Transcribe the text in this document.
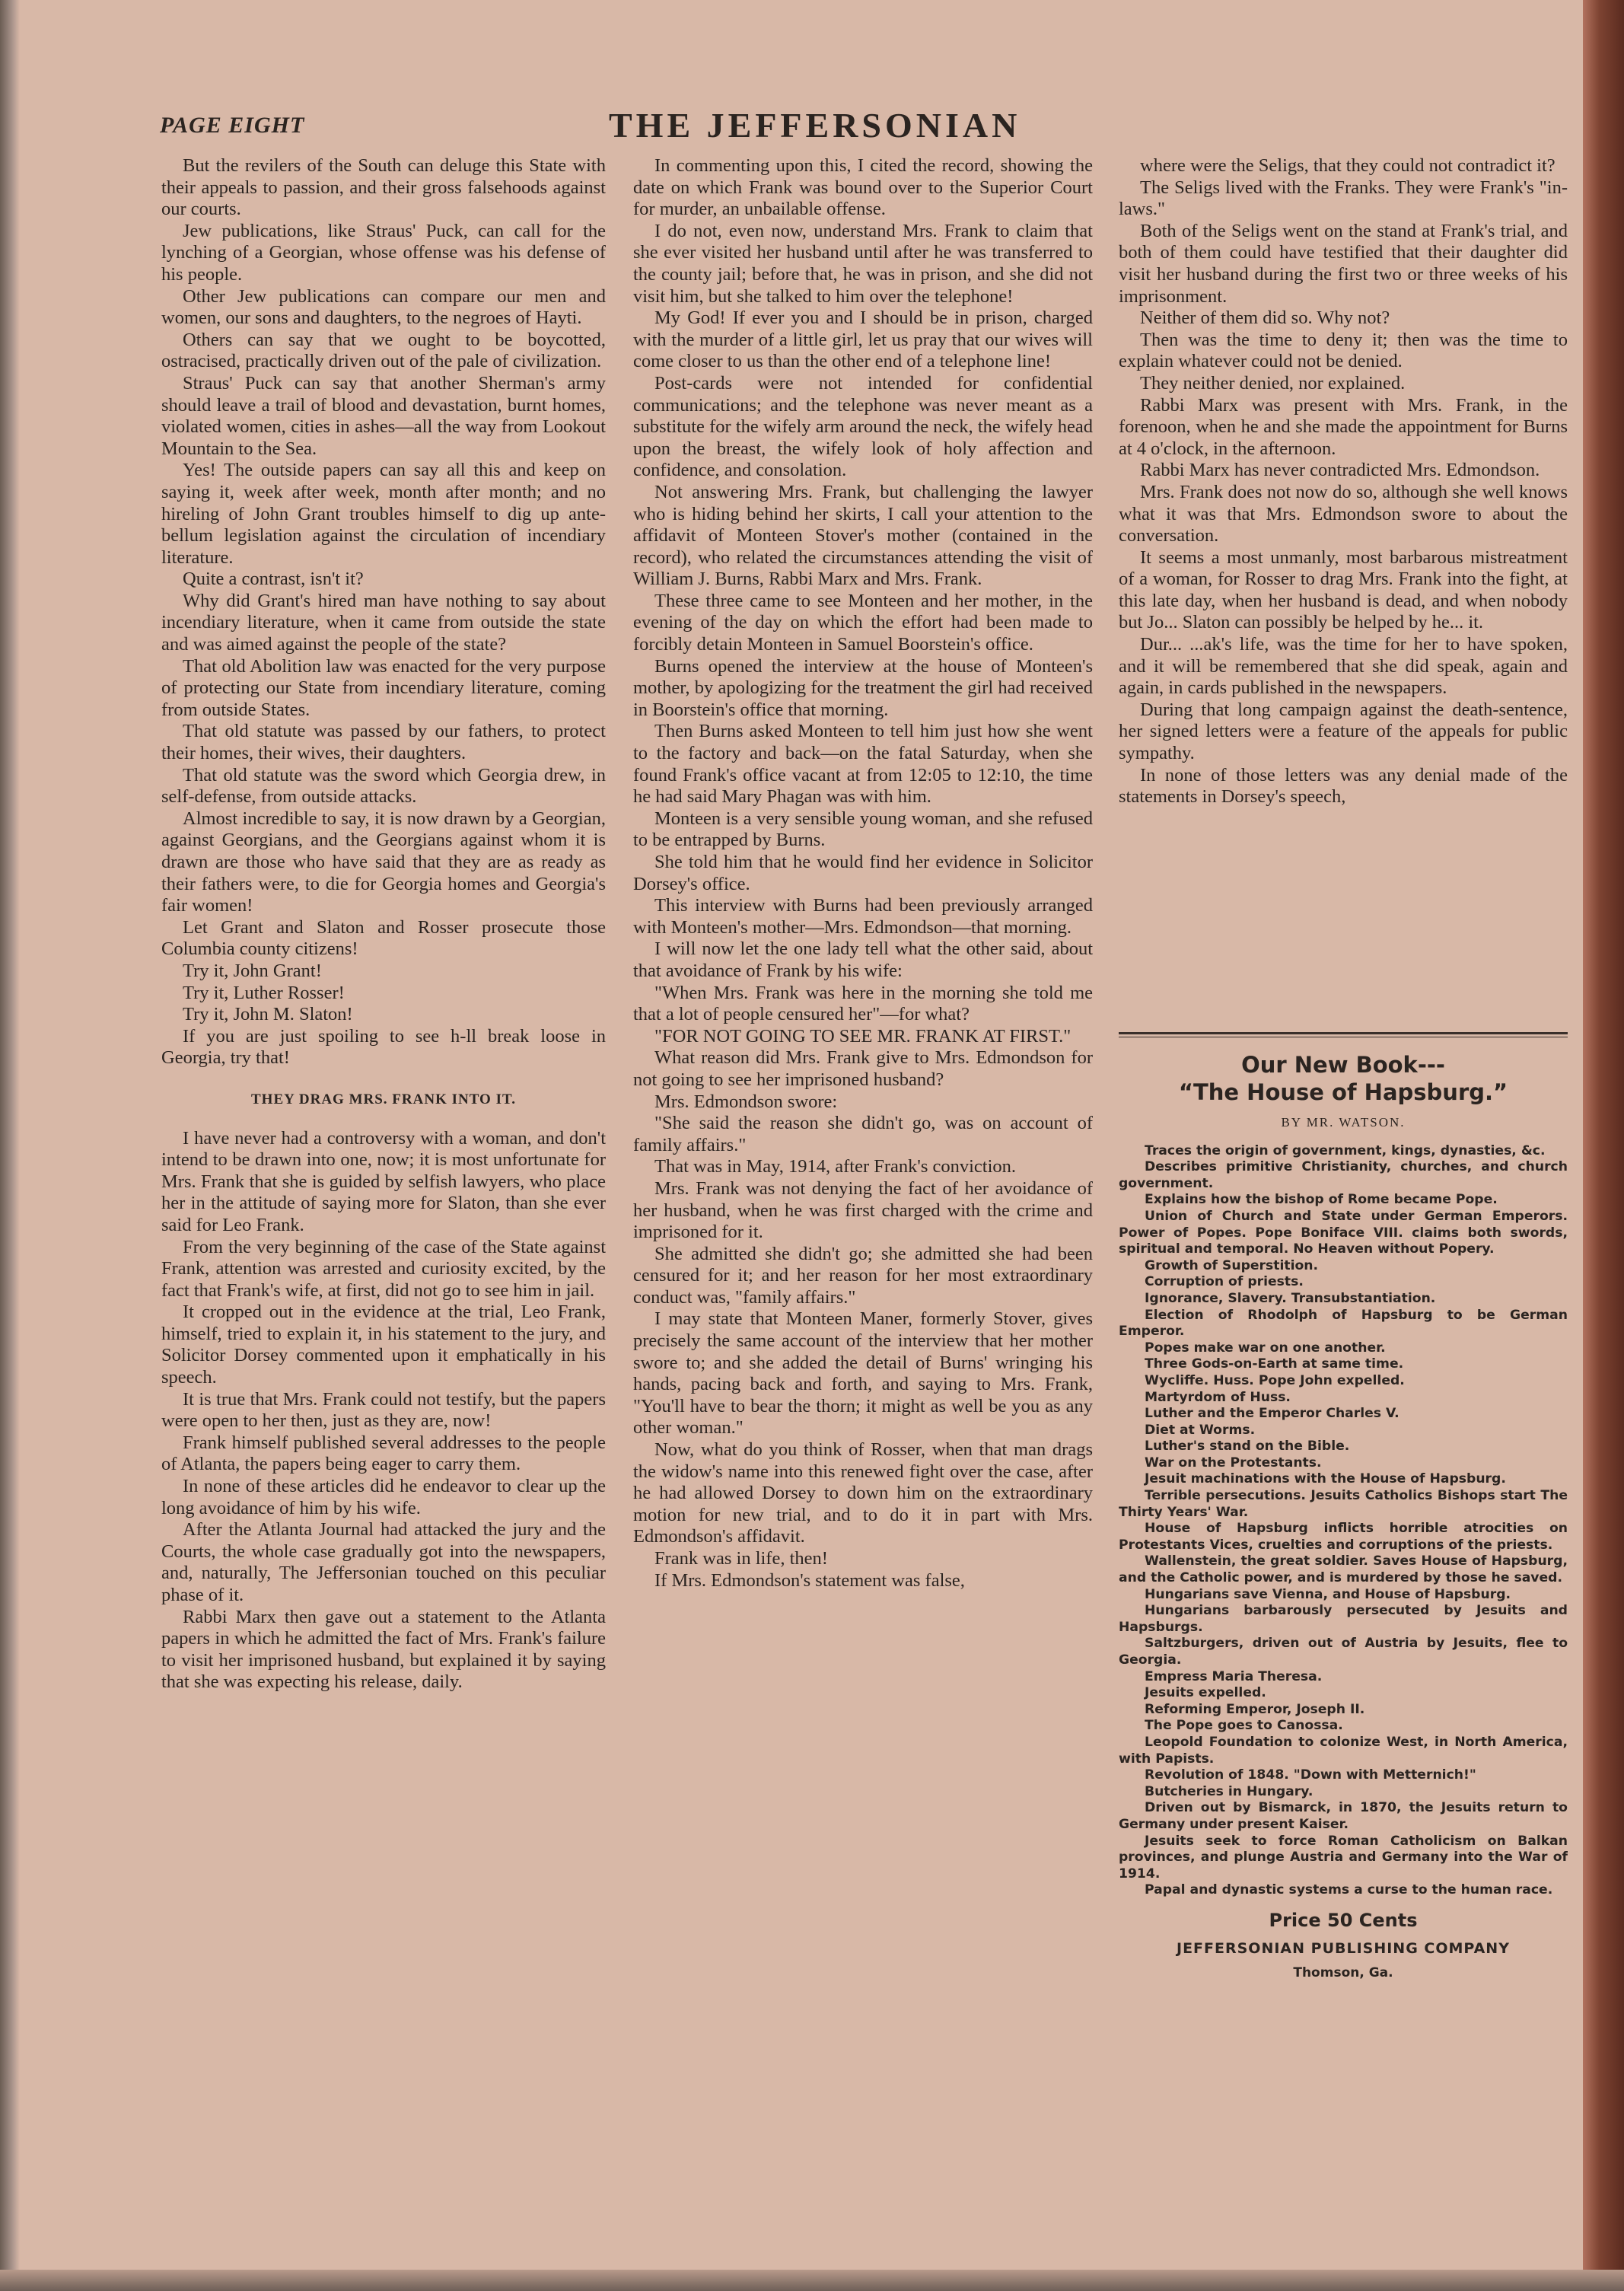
PAGE EIGHT	THE JEFFERSONIAN

But the revilers of the South can deluge this State with their appeals to passion, and their gross falsehoods against our courts.

Jew publications, like Straus' Puck, can call for the lynching of a Georgian, whose offense was his defense of his people.

Other Jew publications can compare our men and women, our sons and daughters, to the negroes of Hayti.

Others can say that we ought to be boycotted, ostracised, practically driven out of the pale of civilization.

Straus' Puck can say that another Sherman's army should leave a trail of blood and devastation, burnt homes, violated women, cities in ashes—all the way from Lookout Mountain to the Sea.

Yes! The outside papers can say all this and keep on saying it, week after week, month after month; and no hireling of John Grant troubles himself to dig up ante-bellum legislation against the circulation of incendiary literature.

Quite a contrast, isn't it?

Why did Grant's hired man have nothing to say about incendiary literature, when it came from outside the state and was aimed against the people of the state?

That old Abolition law was enacted for the very purpose of protecting our State from incendiary literature, coming from outside States.

That old statute was passed by our fathers, to protect their homes, their wives, their daughters.

That old statute was the sword which Georgia drew, in self-defense, from outside attacks.

Almost incredible to say, it is now drawn by a Georgian, against Georgians, and the Georgians against whom it is drawn are those who have said that they are as ready as their fathers were, to die for Georgia homes and Georgia's fair women!

Let Grant and Slaton and Rosser prosecute those Columbia county citizens!

Try it, John Grant!

Try it, Luther Rosser!

Try it, John M. Slaton!

If you are just spoiling to see h-ll break loose in Georgia, try that!

THEY DRAG MRS. FRANK INTO IT.

I have never had a controversy with a woman, and don't intend to be drawn into one, now; it is most unfortunate for Mrs. Frank that she is guided by selfish lawyers, who place her in the attitude of saying more for Slaton, than she ever said for Leo Frank.

From the very beginning of the case of the State against Frank, attention was arrested and curiosity excited, by the fact that Frank's wife, at first, did not go to see him in jail.

It cropped out in the evidence at the trial, Leo Frank, himself, tried to explain it, in his statement to the jury, and Solicitor Dorsey commented upon it emphatically in his speech.

It is true that Mrs. Frank could not testify, but the papers were open to her then, just as they are, now!

Frank himself published several addresses to the people of Atlanta, the papers being eager to carry them.

In none of these articles did he endeavor to clear up the long avoidance of him by his wife.

After the Atlanta Journal had attacked the jury and the Courts, the whole case gradually got into the newspapers, and, naturally, The Jeffersonian touched on this peculiar phase of it.

Rabbi Marx then gave out a statement to the Atlanta papers in which he admitted the fact of Mrs. Frank's failure to visit her imprisoned husband, but explained it by saying that she was expecting his release, daily.

In commenting upon this, I cited the record, showing the date on which Frank was bound over to the Superior Court for murder, an unbailable offense.

I do not, even now, understand Mrs. Frank to claim that she ever visited her husband until after he was transferred to the county jail; before that, he was in prison, and she did not visit him, but she talked to him over the telephone!

My God! If ever you and I should be in prison, charged with the murder of a little girl, let us pray that our wives will come closer to us than the other end of a telephone line!

Post-cards were not intended for confidential communications; and the telephone was never meant as a substitute for the wifely arm around the neck, the wifely head upon the breast, the wifely look of holy affection and confidence, and consolation.

Not answering Mrs. Frank, but challenging the lawyer who is hiding behind her skirts, I call your attention to the affidavit of Monteen Stover's mother (contained in the record), who related the circumstances attending the visit of William J. Burns, Rabbi Marx and Mrs. Frank.

These three came to see Monteen and her mother, in the evening of the day on which the effort had been made to forcibly detain Monteen in Samuel Boorstein's office.

Burns opened the interview at the house of Monteen's mother, by apologizing for the treatment the girl had received in Boorstein's office that morning.

Then Burns asked Monteen to tell him just how she went to the factory and back—on the fatal Saturday, when she found Frank's office vacant at from 12:05 to 12:10, the time he had said Mary Phagan was with him.

Monteen is a very sensible young woman, and she refused to be entrapped by Burns.

She told him that he would find her evidence in Solicitor Dorsey's office.

This interview with Burns had been previously arranged with Monteen's mother—Mrs. Edmondson—that morning.

I will now let the one lady tell what the other said, about that avoidance of Frank by his wife:

"When Mrs. Frank was here in the morning she told me that a lot of people censured her"—for what?

"FOR NOT GOING TO SEE MR. FRANK AT FIRST."

What reason did Mrs. Frank give to Mrs. Edmondson for not going to see her imprisoned husband?

Mrs. Edmondson swore:

"She said the reason she didn't go, was on account of family affairs."

That was in May, 1914, after Frank's conviction.

Mrs. Frank was not denying the fact of her avoidance of her husband, when he was first charged with the crime and imprisoned for it.

She admitted she didn't go; she admitted she had been censured for it; and her reason for her most extraordinary conduct was, "family affairs."

I may state that Monteen Maner, formerly Stover, gives precisely the same account of the interview that her mother swore to; and she added the detail of Burns' wringing his hands, pacing back and forth, and saying to Mrs. Frank, "You'll have to bear the thorn; it might as well be you as any other woman."

Now, what do you think of Rosser, when that man drags the widow's name into this renewed fight over the case, after he had allowed Dorsey to down him on the extraordinary motion for new trial, and to do it in part with Mrs. Edmondson's affidavit.

Frank was in life, then!

If Mrs. Edmondson's statement was false,

where were the Seligs, that they could not contradict it?

The Seligs lived with the Franks. They were Frank's "in-laws."

Both of the Seligs went on the stand at Frank's trial, and both of them could have testified that their daughter did visit her husband during the first two or three weeks of his imprisonment.

Neither of them did so. Why not?

Then was the time to deny it; then was the time to explain whatever could not be denied.

They neither denied, nor explained.

Rabbi Marx was present with Mrs. Frank, in the forenoon, when he and she made the appointment for Burns at 4 o'clock, in the afternoon.

Rabbi Marx has never contradicted Mrs. Edmondson.

Mrs. Frank does not now do so, although she well knows what it was that Mrs. Edmondson swore to about the conversation.

It seems a most unmanly, most barbarous mistreatment of a woman, for Rosser to drag Mrs. Frank into the fight, at this late day, when her husband is dead, and when nobody but Jo... Slaton can possibly be helped by he... it.

Dur... ...ak's life, was the time for her to have spoken, and it will be remembered that she did speak, again and again, in cards published in the newspapers.

During that long campaign against the death-sentence, her signed letters were a feature of the appeals for public sympathy.

In none of those letters was any denial made of the statements in Dorsey's speech,

Our New Book---
“The House of Hapsburg.”
BY MR. WATSON.
Traces the origin of government, kings, dynasties, &c.
Describes primitive Christianity, churches, and church government.
Explains how the bishop of Rome became Pope.
Union of Church and State under German Emperors. Power of Popes. Pope Boniface VIII. claims both swords, spiritual and temporal. No Heaven without Popery.
Growth of Superstition.
Corruption of priests.
Ignorance, Slavery. Transubstantiation.
Election of Rhodolph of Hapsburg to be German Emperor.
Popes make war on one another.
Three Gods-on-Earth at same time.
Wycliffe. Huss. Pope John expelled.
Martyrdom of Huss.
Luther and the Emperor Charles V.
Diet at Worms.
Luther's stand on the Bible.
War on the Protestants.
Jesuit machinations with the House of Hapsburg.
Terrible persecutions. Jesuits Catholics Bishops start The Thirty Years' War.
House of Hapsburg inflicts horrible atrocities on Protestants Vices, cruelties and corruptions of the priests.
Wallenstein, the great soldier. Saves House of Hapsburg, and the Catholic power, and is murdered by those he saved.
Hungarians save Vienna, and House of Hapsburg.
Hungarians barbarously persecuted by Jesuits and Hapsburgs.
Saltzburgers, driven out of Austria by Jesuits, flee to Georgia.
Empress Maria Theresa.
Jesuits expelled.
Reforming Emperor, Joseph II.
The Pope goes to Canossa.
Leopold Foundation to colonize West, in North America, with Papists.
Revolution of 1848. "Down with Metternich!"
Butcheries in Hungary.
Driven out by Bismarck, in 1870, the Jesuits return to Germany under present Kaiser.
Jesuits seek to force Roman Catholicism on Balkan provinces, and plunge Austria and Germany into the War of 1914.
Papal and dynastic systems a curse to the human race.
Price 50 Cents
JEFFERSONIAN PUBLISHING COMPANY
Thomson, Ga.
